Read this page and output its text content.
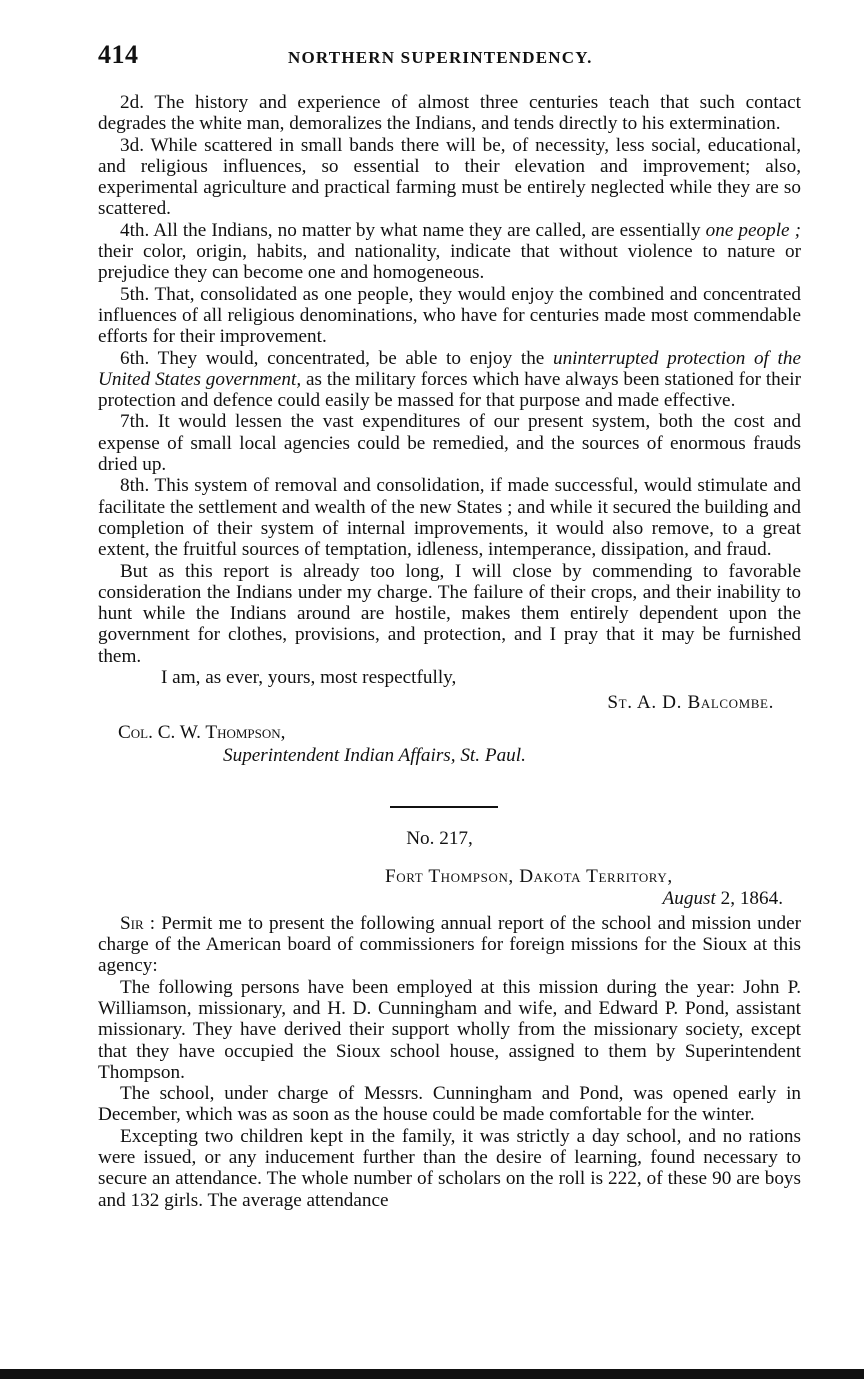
414	NORTHERN SUPERINTENDENCY.

2d. The history and experience of almost three centuries teach that such contact degrades the white man, demoralizes the Indians, and tends directly to his extermination.

3d. While scattered in small bands there will be, of necessity, less social, educational, and religious influences, so essential to their elevation and improvement; also, experimental agriculture and practical farming must be entirely neglected while they are so scattered.

4th. All the Indians, no matter by what name they are called, are essentially one people ; their color, origin, habits, and nationality, indicate that without violence to nature or prejudice they can become one and homogeneous.

5th. That, consolidated as one people, they would enjoy the combined and concentrated influences of all religious denominations, who have for centuries made most commendable efforts for their improvement.

6th. They would, concentrated, be able to enjoy the uninterrupted protection of the United States government, as the military forces which have always been stationed for their protection and defence could easily be massed for that purpose and made effective.

7th. It would lessen the vast expenditures of our present system, both the cost and expense of small local agencies could be remedied, and the sources of enormous frauds dried up.

8th. This system of removal and consolidation, if made successful, would stimulate and facilitate the settlement and wealth of the new States ; and while it secured the building and completion of their system of internal improvements, it would also remove, to a great extent, the fruitful sources of temptation, idleness, intemperance, dissipation, and fraud.

But as this report is already too long, I will close by commending to favorable consideration the Indians under my charge. The failure of their crops, and their inability to hunt while the Indians around are hostile, makes them entirely dependent upon the government for clothes, provisions, and protection, and I pray that it may be furnished them.

I am, as ever, yours, most respectfully,

St. A. D. Balcombe.

Col. C. W. Thompson,

Superintendent Indian Affairs, St. Paul.

No. 217,

Fort Thompson, Dakota Territory,

August 2, 1864.

Sir : Permit me to present the following annual report of the school and mission under charge of the American board of commissioners for foreign missions for the Sioux at this agency:

The following persons have been employed at this mission during the year: John P. Williamson, missionary, and H. D. Cunningham and wife, and Edward P. Pond, assistant missionary. They have derived their support wholly from the missionary society, except that they have occupied the Sioux school house, assigned to them by Superintendent Thompson.

The school, under charge of Messrs. Cunningham and Pond, was opened early in December, which was as soon as the house could be made comfortable for the winter.

Excepting two children kept in the family, it was strictly a day school, and no rations were issued, or any inducement further than the desire of learning, found necessary to secure an attendance. The whole number of scholars on the roll is 222, of these 90 are boys and 132 girls. The average attendance
